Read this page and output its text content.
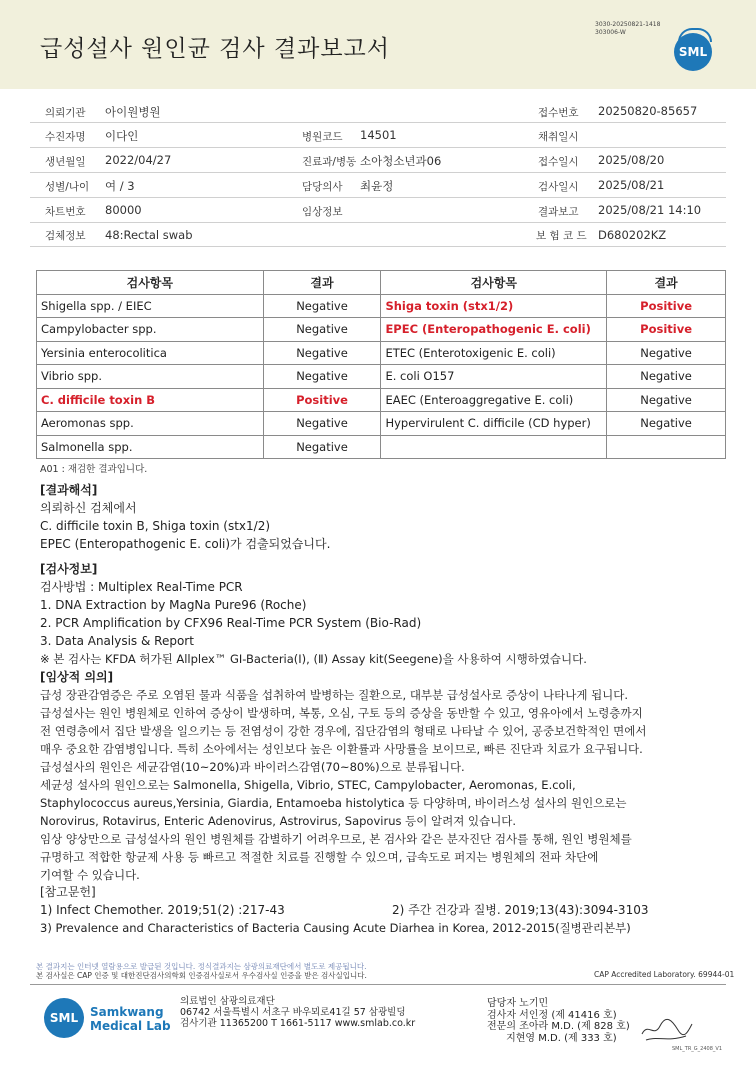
급성설사 원인균 검사 결과보고서
3030-20250821-1418
303006-W
SML
의뢰기관 아이원병원	접수번호 20250820-85657
수진자명 이다인	병원코드 14501	채취일시
생년월일 2022/04/27	진료과/병동 소아청소년과06	접수일시 2025/08/20
성별/나이 여 / 3	담당의사 최윤정	검사일시 2025/08/21
차트번호 80000	임상정보	결과보고 2025/08/21 14:10
검체정보 48:Rectal swab	보 험 코 드 D680202KZ
검사항목	결과	검사항목	결과
Shigella spp. / EIEC	Negative	Shiga toxin (stx1/2)	Positive
Campylobacter spp.	Negative	EPEC (Enteropathogenic E. coli)	Positive
Yersinia enterocolitica	Negative	ETEC (Enterotoxigenic E. coli)	Negative
Vibrio spp.	Negative	E. coli O157	Negative
C. difficile toxin B	Positive	EAEC (Enteroaggregative E. coli)	Negative
Aeromonas spp.	Negative	Hypervirulent C. difficile (CD hyper)	Negative
Salmonella spp.	Negative		
A01 : 재검한 결과입니다.
[결과해석]
의뢰하신 검체에서
C. difficile toxin B, Shiga toxin (stx1/2)
EPEC (Enteropathogenic E. coli)가 검출되었습니다.
[검사정보]
검사방법 : Multiplex Real-Time PCR
1. DNA Extraction by MagNa Pure96 (Roche)
2. PCR Amplification by CFX96 Real-Time PCR System (Bio-Rad)
3. Data Analysis & Report
※ 본 검사는 KFDA 허가된 Allplex™ GI-Bacteria(Ⅰ), (Ⅱ) Assay kit(Seegene)을 사용하여 시행하였습니다.
[임상적 의의]
급성 장관감염증은 주로 오염된 물과 식품을 섭취하여 발병하는 질환으로, 대부분 급성설사로 증상이 나타나게 됩니다.
급성설사는 원인 병원체로 인하여 증상이 발생하며, 복통, 오심, 구토 등의 증상을 동반할 수 있고, 영유아에서 노령층까지
전 연령층에서 집단 발생을 일으키는 등 전염성이 강한 경우에, 집단감염의 형태로 나타날 수 있어, 공중보건학적인 면에서
매우 중요한 감염병입니다. 특히 소아에서는 성인보다 높은 이환률과 사망률을 보이므로, 빠른 진단과 치료가 요구됩니다.
급성설사의 원인은 세균감염(10~20%)과 바이러스감염(70~80%)으로 분류됩니다.
세균성 설사의 원인으로는 Salmonella, Shigella, Vibrio, STEC, Campylobacter, Aeromonas, E.coli,
Staphylococcus aureus,Yersinia, Giardia, Entamoeba histolytica 등 다양하며, 바이러스성 설사의 원인으로는
Norovirus, Rotavirus, Enteric Adenovirus, Astrovirus, Sapovirus 등이 알려져 있습니다.
임상 양상만으로 급성설사의 원인 병원체를 감별하기 어려우므로, 본 검사와 같은 분자진단 검사를 통해, 원인 병원체를
규명하고 적합한 항균제 사용 등 빠르고 적절한 치료를 진행할 수 있으며, 급속도로 퍼지는 병원체의 전파 차단에
기여할 수 있습니다.
[참고문헌]
1) Infect Chemother. 2019;51(2) :217-43	2) 주간 건강과 질병. 2019;13(43):3094-3103
3) Prevalence and Characteristics of Bacteria Causing Acute Diarhea in Korea, 2012-2015(질병관리본부)
본 결과지는 인터넷 열람용으로 발급된 것입니다. 정식결과지는 삼광의료재단에서 별도로 제공됩니다.
본 검사실은 CAP 인증 및 대한진단검사의학회 인증검사실로서 우수검사실 인증을 받은 검사실입니다.	CAP Accredited Laboratory. 69944-01
SML Samkwang
Medical Lab
의료법인 삼광의료재단
06742 서울특별시 서초구 바우뫼로41길 57 삼광빌딩
검사기관 11365200 T 1661-5117 www.smlab.co.kr
담당자 노기민
검사자 서인정 (제 41416 호)
전문의 조아라 M.D. (제 828 호)
지현영 M.D. (제 333 호)
SML_TR_G_2408_V1
